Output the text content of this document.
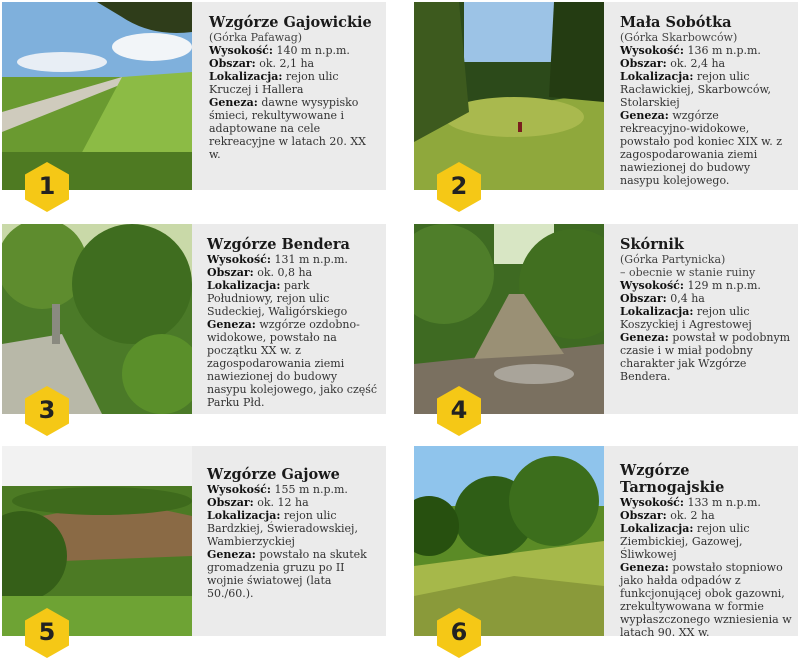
1
Wzgórze Gajowickie
(Górka Pafawag)
Wysokość: 140 m n.p.m.
Obszar: ok. 2,1 ha
Lokalizacja: rejon ulic Kruczej i Hallera
Geneza: dawne wysypisko śmieci, rekultywowane i adaptowane na cele rekreacyjne w latach 20. XX w.
2
Mała Sobótka
(Górka Skarbowców)
Wysokość: 136 m n.p.m.
Obszar: ok. 2,4 ha
Lokalizacja: rejon ulic Racławickiej, Skarbowców, Stolarskiej
Geneza: wzgórze rekreacyjno-widokowe, powstało pod koniec XIX w. z zagospodarowania ziemi nawiezionej do budowy nasypu kolejowego.
3
Wzgórze Bendera
Wysokość: 131 m n.p.m.
Obszar: ok. 0,8 ha
Lokalizacja: park Południowy, rejon ulic Sudeckiej, Waligórskiego
Geneza: wzgórze ozdobno-widokowe, powstało na początku XX w. z zagospodarowania ziemi nawiezionej do budowy nasypu kolejowego, jako część Parku Płd.	4
Skórnik
(Górka Partynicka)
– obecnie w stanie ruiny
Wysokość: 129 m n.p.m.
Obszar: 0,4 ha
Lokalizacja: rejon ulic Koszyckiej i Agrestowej
Geneza: powstał w podobnym czasie i w miał podobny charakter jak Wzgórze Bendera.
5
Wzgórze Gajowe
Wysokość: 155 m n.p.m.
Obszar: ok. 12 ha
Lokalizacja: rejon ulic Bardzkiej, Świeradowskiej, Wambierzyckiej
Geneza: powstało na skutek gromadzenia gruzu po II wojnie światowej (lata 50./60.).
6
Wzgórze Tarnogajskie
Wysokość: 133 m n.p.m.
Obszar: ok. 2 ha
Lokalizacja: rejon ulic Ziembickiej, Gazowej, Śliwkowej
Geneza: powstało stopniowo jako hałda odpadów z funkcjonującej obok gazowni, zrekultywowana w formie wypłaszczonego wzniesienia w latach 90. XX w.
